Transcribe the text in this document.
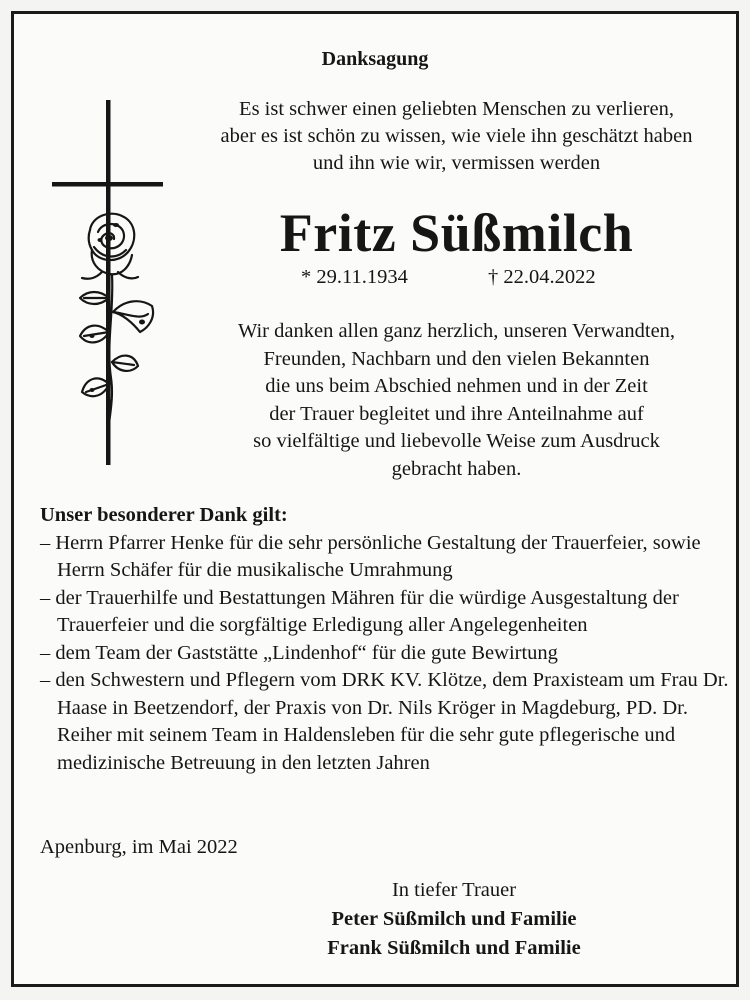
Danksagung
Es ist schwer einen geliebten Menschen zu verlieren,
aber es ist schön zu wissen, wie viele ihn geschätzt haben
und ihn wie wir, vermissen werden
Fritz Süßmilch
* 29.11.1934	† 22.04.2022
Wir danken allen ganz herzlich, unseren Verwandten,
Freunden, Nachbarn und den vielen Bekannten
die uns beim Abschied nehmen und in der Zeit
der Trauer begleitet und ihre Anteilnahme auf
so vielfältige und liebevolle Weise zum Ausdruck
gebracht haben.
Unser besonderer Dank gilt:
– Herrn Pfarrer Henke für die sehr persönliche Gestaltung der Trauerfeier, sowie Herrn Schäfer für die musikalische Umrahmung
– der Trauerhilfe und Bestattungen Mähren für die würdige Ausgestaltung der Trauerfeier und die sorgfältige Erledigung aller Angelegenheiten
– dem Team der Gaststätte „Lindenhof“ für die gute Bewirtung
– den Schwestern und Pflegern vom DRK KV. Klötze, dem Praxisteam um Frau Dr. Haase in Beetzendorf, der Praxis von Dr. Nils Kröger in Magdeburg, PD. Dr. Reiher mit seinem Team in Haldensleben für die sehr gute pflegerische und medizinische Betreuung in den letzten Jahren
Apenburg, im Mai 2022
In tiefer Trauer
Peter Süßmilch und Familie
Frank Süßmilch und Familie
